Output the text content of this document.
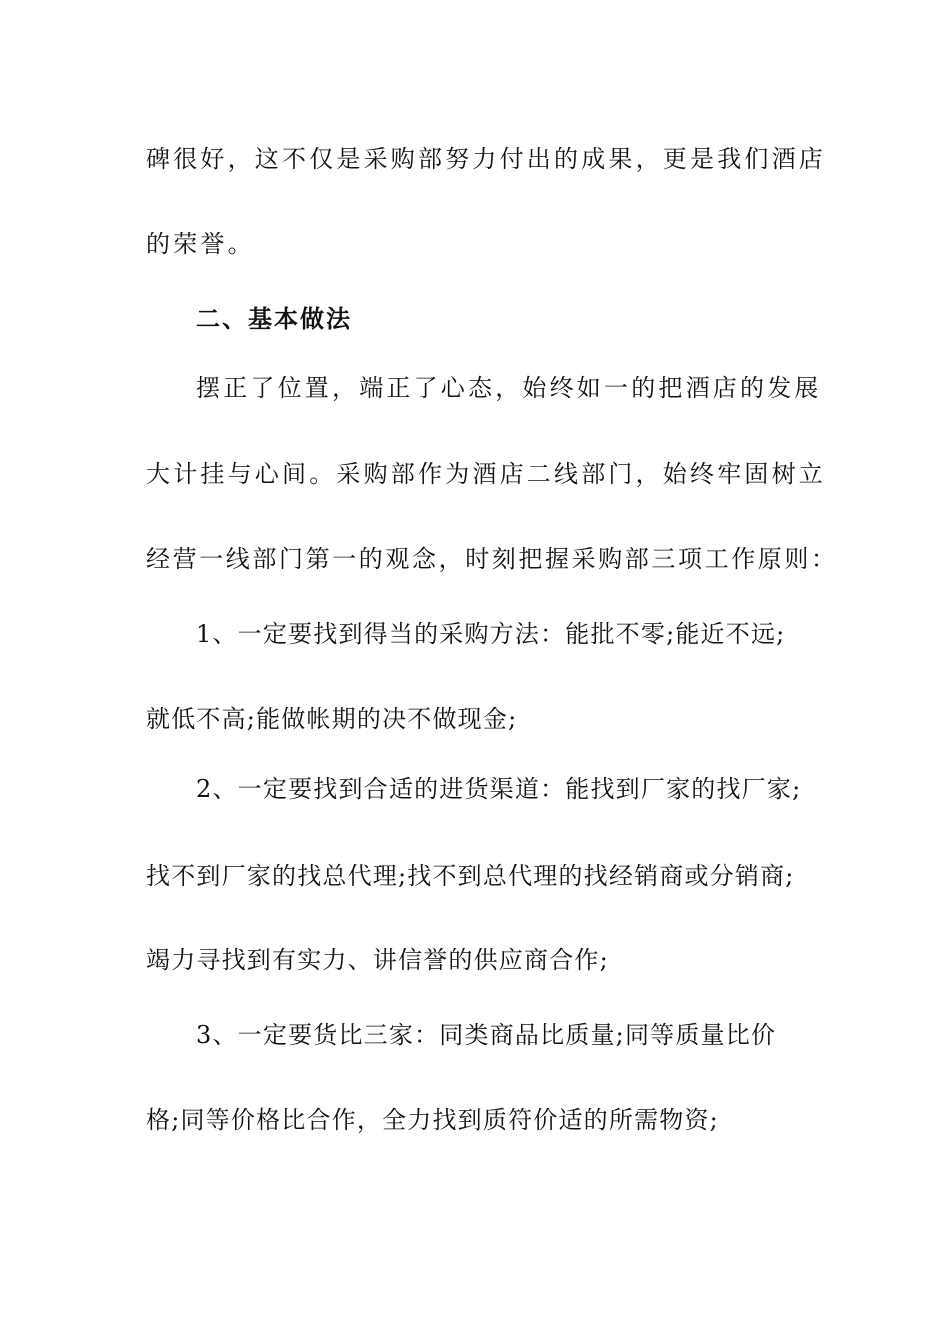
碑很好，这不仅是采购部努力付出的成果，更是我们酒店
的荣誉。
二、基本做法
摆正了位置，端正了心态，始终如一的把酒店的发展
大计挂与心间。采购部作为酒店二线部门，始终牢固树立
经营一线部门第一的观念，时刻把握采购部三项工作原则：
1、一定要找到得当的采购方法：能批不零;能近不远;
就低不高;能做帐期的决不做现金;
2、一定要找到合适的进货渠道：能找到厂家的找厂家;
找不到厂家的找总代理;找不到总代理的找经销商或分销商;
竭力寻找到有实力、讲信誉的供应商合作;
3、一定要货比三家：同类商品比质量;同等质量比价
格;同等价格比合作，全力找到质符价适的所需物资;
